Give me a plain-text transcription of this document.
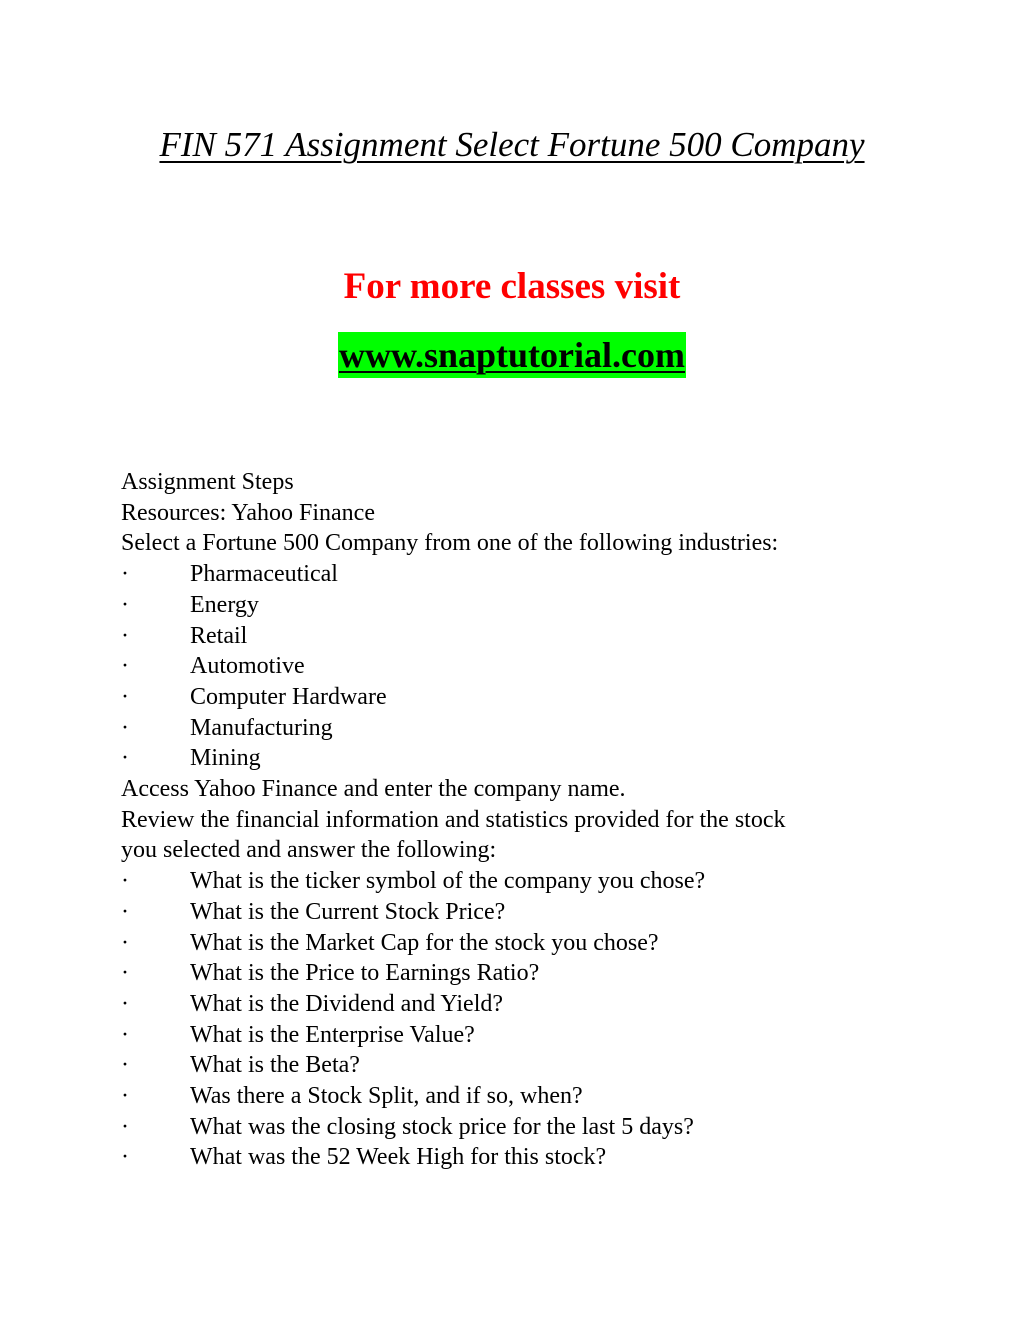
FIN 571 Assignment Select Fortune 500 Company

For more classes visit

www.snaptutorial.com
Assignment Steps
Resources: Yahoo Finance
Select a Fortune 500 Company from one of the following industries:
·	Pharmaceutical
·	Energy
·	Retail
·	Automotive
·	Computer Hardware
·	Manufacturing
·	Mining
Access Yahoo Finance and enter the company name.
Review the financial information and statistics provided for the stock
you selected and answer the following:
·	What is the ticker symbol of the company you chose?
·	What is the Current Stock Price?
·	What is the Market Cap for the stock you chose?
·	What is the Price to Earnings Ratio?
·	What is the Dividend and Yield?
·	What is the Enterprise Value?
·	What is the Beta?
·	Was there a Stock Split, and if so, when?
·	What was the closing stock price for the last 5 days?
·	What was the 52 Week High for this stock?
